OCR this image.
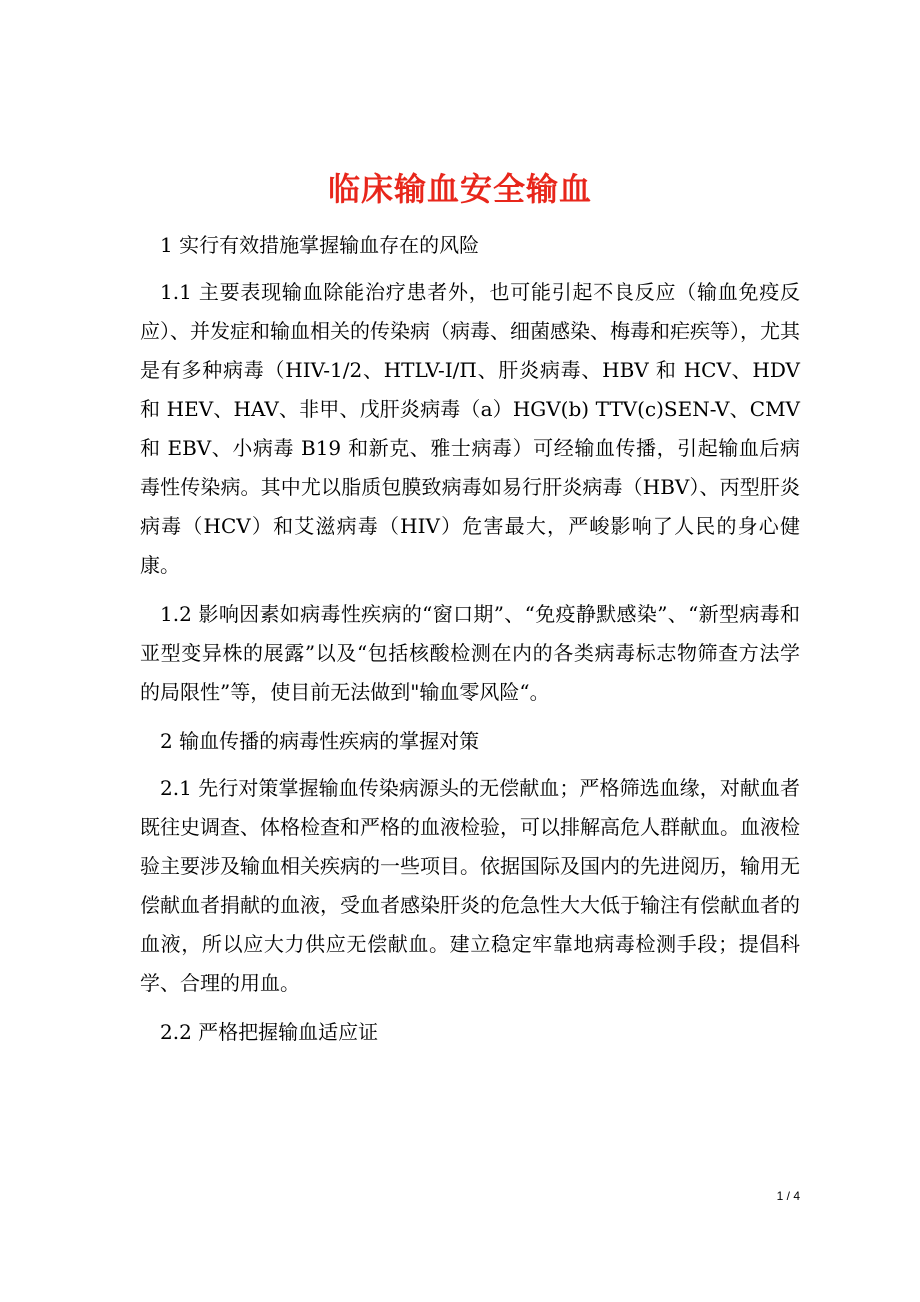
临床输血安全输血

1 实行有效措施掌握输血存在的风险

1.1 主要表现输血除能治疗患者外，也可能引起不良反应（输血免疫反应）、并发症和输血相关的传染病（病毒、细菌感染、梅毒和疟疾等），尤其是有多种病毒（HIV-1/2、HTLV-I/П、肝炎病毒、HBV 和 HCV、HDV 和 HEV、HAV、非甲、戊肝炎病毒（a）HGV(b) TTV(c)SEN-V、CMV 和 EBV、小病毒 B19 和新克、雅士病毒）可经输血传播，引起输血后病毒性传染病。其中尤以脂质包膜致病毒如易行肝炎病毒（HBV）、丙型肝炎病毒（HCV）和艾滋病毒（HIV）危害最大，严峻影响了人民的身心健康。

1.2 影响因素如病毒性疾病的“窗口期”、“免疫静默感染”、“新型病毒和亚型变异株的展露”以及“包括核酸检测在内的各类病毒标志物筛查方法学的局限性”等，使目前无法做到"输血零风险“。

2 输血传播的病毒性疾病的掌握对策

2.1 先行对策掌握输血传染病源头的无偿献血；严格筛选血缘，对献血者既往史调查、体格检查和严格的血液检验，可以排解高危人群献血。血液检验主要涉及输血相关疾病的一些项目。依据国际及国内的先进阅历，输用无偿献血者捐献的血液，受血者感染肝炎的危急性大大低于输注有偿献血者的血液，所以应大力供应无偿献血。建立稳定牢靠地病毒检测手段；提倡科学、合理的用血。

2.2 严格把握输血适应证

1 / 4
